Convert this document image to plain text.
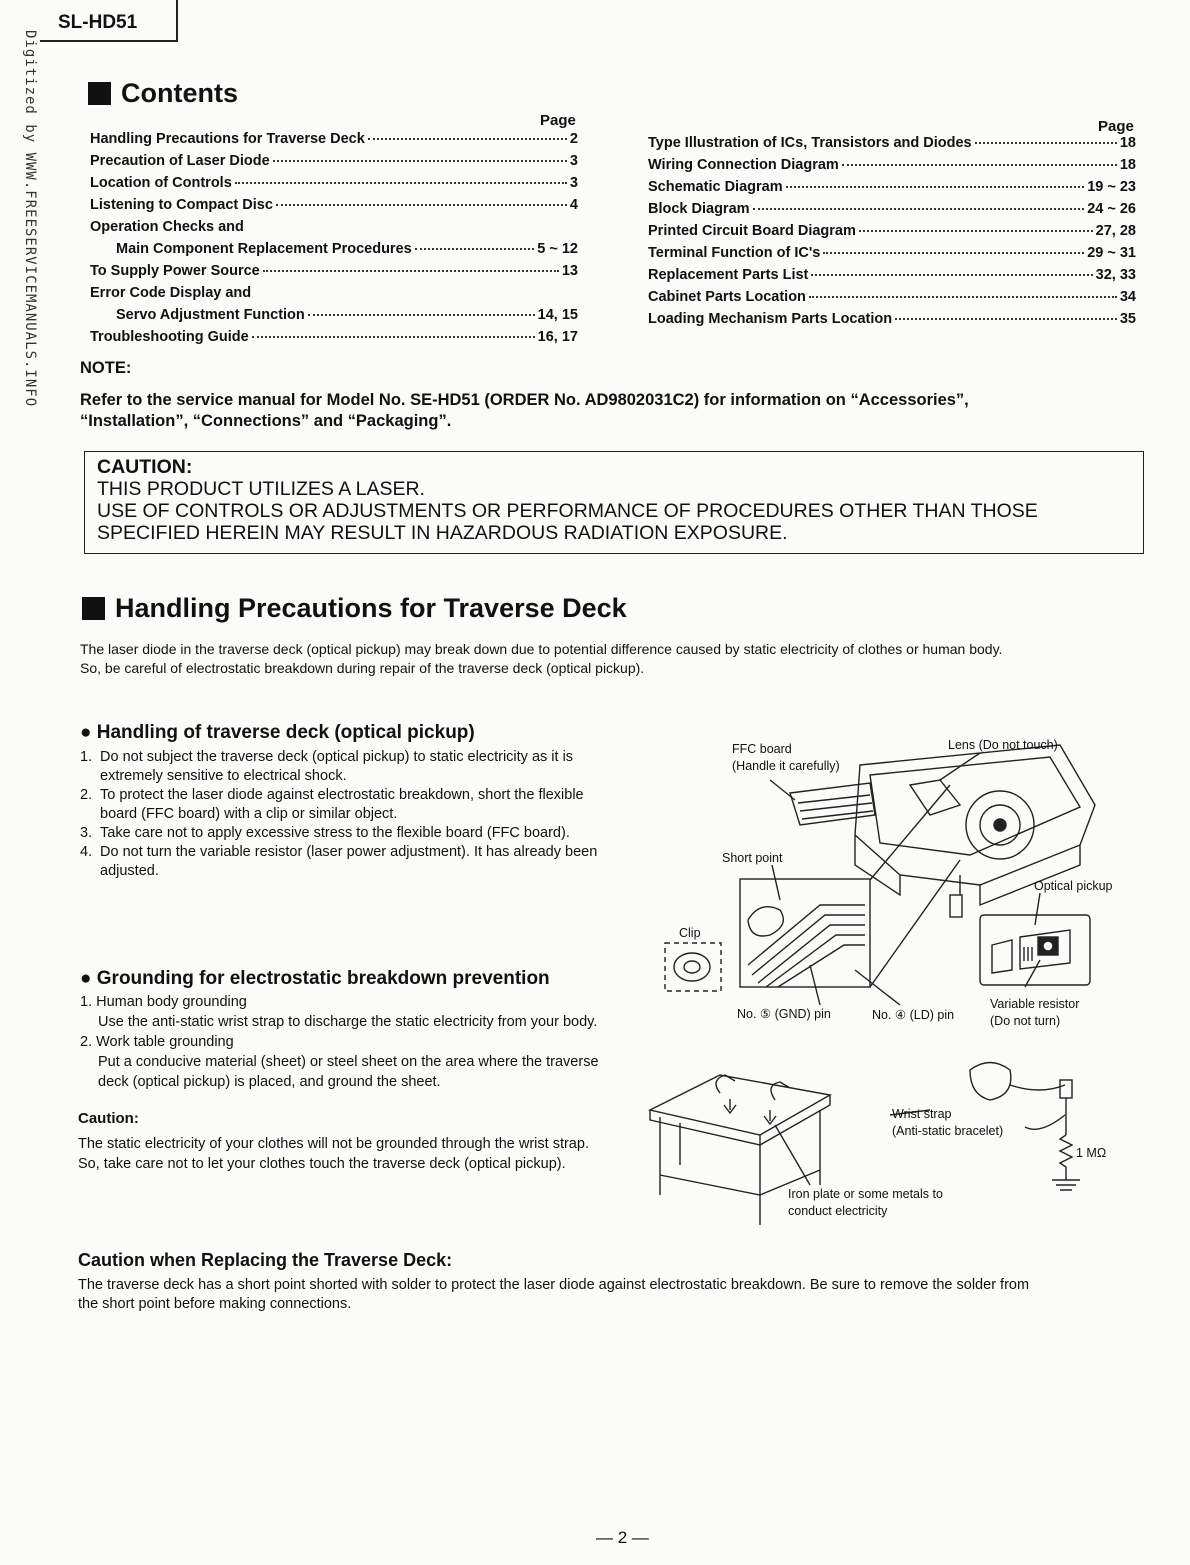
SL-HD51
Digitized by WWW.FREESERVICEMANUALS.INFO	Contents
Page	Page
Handling Precautions for Traverse Deck	2
Precaution of Laser Diode	3
Location of Controls	3
Listening to Compact Disc	4
Operation Checks and
Main Component Replacement Procedures	5 ~ 12
To Supply Power Source	13
Error Code Display and
Servo Adjustment Function	14, 15
Troubleshooting Guide	16, 17
Type Illustration of ICs, Transistors and Diodes	18
Wiring Connection Diagram	18
Schematic Diagram	19 ~ 23
Block Diagram	24 ~ 26
Printed Circuit Board Diagram	27, 28
Terminal Function of IC's	29 ~ 31
Replacement Parts List	32, 33
Cabinet Parts Location	34
Loading Mechanism Parts Location	35
NOTE:
Refer to the service manual for Model No. SE-HD51 (ORDER No. AD9802031C2) for information on “Accessories”,
“Installation”, “Connections” and “Packaging”.
CAUTION:
THIS PRODUCT UTILIZES A LASER.
USE OF CONTROLS OR ADJUSTMENTS OR PERFORMANCE OF PROCEDURES OTHER THAN THOSE
SPECIFIED HEREIN MAY RESULT IN HAZARDOUS RADIATION EXPOSURE.
Handling Precautions for Traverse Deck
The laser diode in the traverse deck (optical pickup) may break down due to potential difference caused by static electricity of clothes or human body.
So, be careful of electrostatic breakdown during repair of the traverse deck (optical pickup).
● Handling of traverse deck (optical pickup)
1. Do not subject the traverse deck (optical pickup) to static electricity as it is
extremely sensitive to electrical shock.
2. To protect the laser diode against electrostatic breakdown, short the flexible
board (FFC board) with a clip or similar object.
3. Take care not to apply excessive stress to the flexible board (FFC board).
4. Do not turn the variable resistor (laser power adjustment). It has already been
adjusted.
● Grounding for electrostatic breakdown prevention
1. Human body grounding
Use the anti-static wrist strap to discharge the static electricity from your body.
2. Work table grounding
Put a conducive material (sheet) or steel sheet on the area where the traverse
deck (optical pickup) is placed, and ground the sheet.
Caution:
The static electricity of your clothes will not be grounded through the wrist strap.
So, take care not to let your clothes touch the traverse deck (optical pickup).
FFC board
(Handle it carefully)
Lens (Do not touch)
Short point
Optical pickup
Clip
No. ⑤ (GND) pin	No. ④ (LD) pin
Variable resistor
(Do not turn)
Wrist strap
(Anti-static bracelet)
1 MΩ
Iron plate or some metals to
conduct electricity
Caution when Replacing the Traverse Deck:
The traverse deck has a short point shorted with solder to protect the laser diode against electrostatic breakdown. Be sure to remove the solder from
the short point before making connections.
— 2 —
